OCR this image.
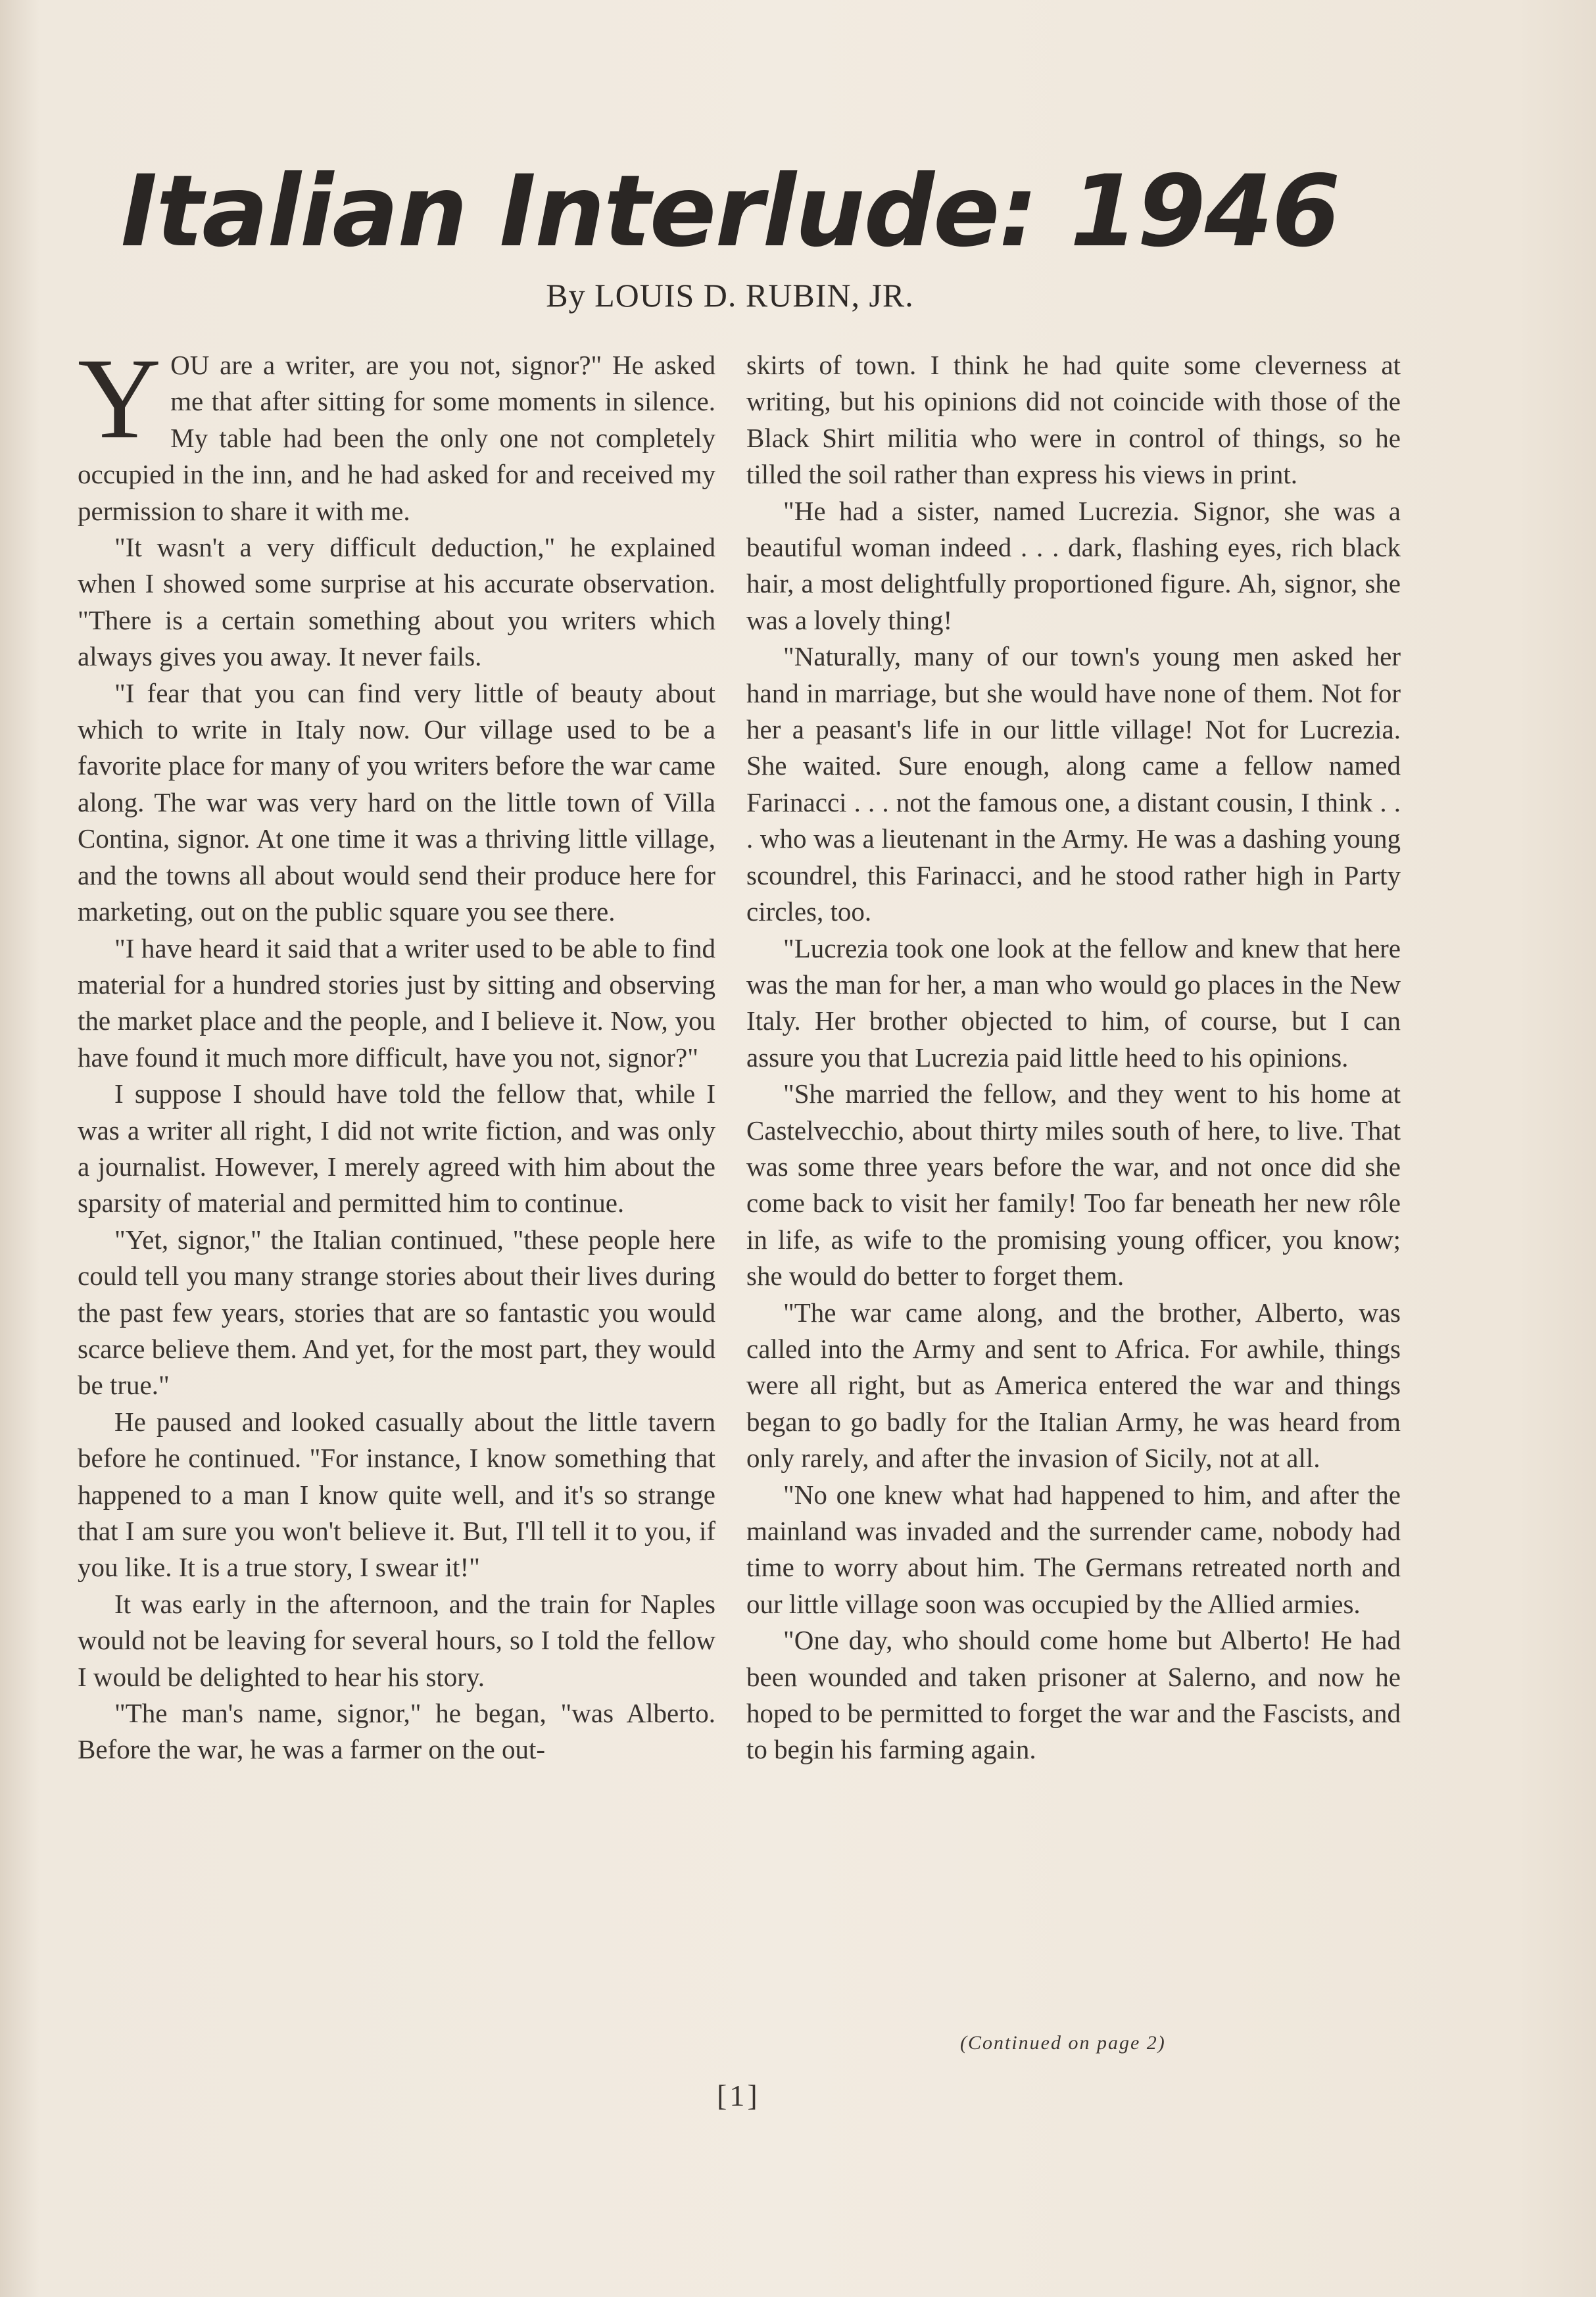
Italian Interlude: 1946
By LOUIS D. RUBIN, JR.

YOU are a writer, are you not, signor?" He asked me that after sitting for some moments in silence. My table had been the only one not completely occupied in the inn, and he had asked for and received my permission to share it with me.

"It wasn't a very difficult deduction," he explained when I showed some surprise at his accurate observation. "There is a certain something about you writers which always gives you away. It never fails.

"I fear that you can find very little of beauty about which to write in Italy now. Our village used to be a favorite place for many of you writers before the war came along. The war was very hard on the little town of Villa Contina, signor. At one time it was a thriving little village, and the towns all about would send their produce here for marketing, out on the public square you see there.

"I have heard it said that a writer used to be able to find material for a hundred stories just by sitting and observing the market place and the people, and I believe it. Now, you have found it much more difficult, have you not, signor?"

I suppose I should have told the fellow that, while I was a writer all right, I did not write fiction, and was only a journalist. However, I merely agreed with him about the sparsity of material and permitted him to continue.

"Yet, signor," the Italian continued, "these people here could tell you many strange stories about their lives during the past few years, stories that are so fantastic you would scarce believe them. And yet, for the most part, they would be true."

He paused and looked casually about the little tavern before he continued. "For instance, I know something that happened to a man I know quite well, and it's so strange that I am sure you won't believe it. But, I'll tell it to you, if you like. It is a true story, I swear it!"

It was early in the afternoon, and the train for Naples would not be leaving for several hours, so I told the fellow I would be delighted to hear his story.

"The man's name, signor," he began, "was Alberto. Before the war, he was a farmer on the out-

skirts of town. I think he had quite some cleverness at writing, but his opinions did not coincide with those of the Black Shirt militia who were in control of things, so he tilled the soil rather than express his views in print.

"He had a sister, named Lucrezia. Signor, she was a beautiful woman indeed . . . dark, flashing eyes, rich black hair, a most delightfully proportioned figure. Ah, signor, she was a lovely thing!

"Naturally, many of our town's young men asked her hand in marriage, but she would have none of them. Not for her a peasant's life in our little village! Not for Lucrezia. She waited. Sure enough, along came a fellow named Farinacci . . . not the famous one, a distant cousin, I think . . . who was a lieutenant in the Army. He was a dashing young scoundrel, this Farinacci, and he stood rather high in Party circles, too.

"Lucrezia took one look at the fellow and knew that here was the man for her, a man who would go places in the New Italy. Her brother objected to him, of course, but I can assure you that Lucrezia paid little heed to his opinions.

"She married the fellow, and they went to his home at Castelvecchio, about thirty miles south of here, to live. That was some three years before the war, and not once did she come back to visit her family! Too far beneath her new rôle in life, as wife to the promising young officer, you know; she would do better to forget them.

"The war came along, and the brother, Alberto, was called into the Army and sent to Africa. For awhile, things were all right, but as America entered the war and things began to go badly for the Italian Army, he was heard from only rarely, and after the invasion of Sicily, not at all.

"No one knew what had happened to him, and after the mainland was invaded and the surrender came, nobody had time to worry about him. The Germans retreated north and our little village soon was occupied by the Allied armies.

"One day, who should come home but Alberto! He had been wounded and taken prisoner at Salerno, and now he hoped to be permitted to forget the war and the Fascists, and to begin his farming again.

(Continued on page 2)
[1]
